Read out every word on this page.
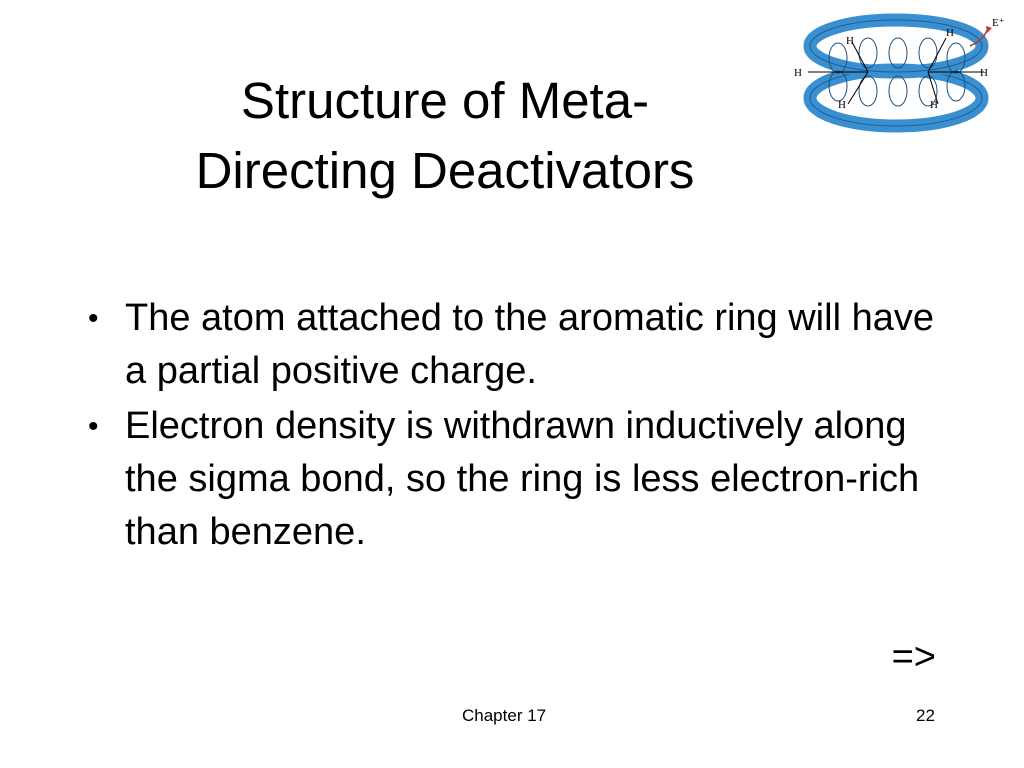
Structure of Meta-
Directing Deactivators
H
H
H	H
H	H
E⁺
• The atom attached to the aromatic ring will have a partial positive charge.
• Electron density is withdrawn inductively along the sigma bond, so the ring is less electron-rich than benzene.
=>
Chapter 17	22
